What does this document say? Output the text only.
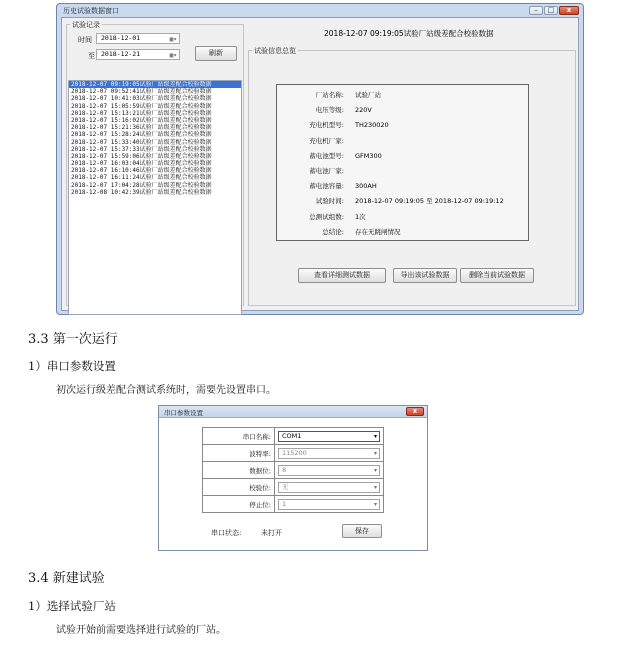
历史试验数据窗口	–	□	x
试验记录
时间	2018-12-01	▦▾
至 2018-12-21	▦▾	刷新
2018-12-07 09:19:05试验厂站级差配合校验数据
2018-12-07 09:52:41试验厂站级差配合校验数据
2018-12-07 10:41:03试验厂站级差配合校验数据
2018-12-07 15:05:59试验厂站级差配合校验数据
2018-12-07 15:13:21试验厂站级差配合校验数据
2018-12-07 15:16:02试验厂站级差配合校验数据
2018-12-07 15:21:36试验厂站级差配合校验数据
2018-12-07 15:28:24试验厂站级差配合校验数据
2018-12-07 15:33:40试验厂站级差配合校验数据
2018-12-07 15:37:33试验厂站级差配合校验数据
2018-12-07 15:59:06试验厂站级差配合校验数据
2018-12-07 16:03:04试验厂站级差配合校验数据
2018-12-07 16:10:46试验厂站级差配合校验数据
2018-12-07 16:11:24试验厂站级差配合校验数据
2018-12-07 17:04:28试验厂站级差配合校验数据
2018-12-08 10:42:39试验厂站级差配合校验数据
2018-12-07 09:19:05试验厂站级差配合校验数据
试验信息总览
厂站名称: 试验厂站
电压等级: 220V
充电机型号: TH230020
充电机厂家:
蓄电池型号: GFM300
蓄电池厂家:
蓄电池容量: 300AH
试验时间: 2018-12-07 09:19:05 至 2018-12-07 09:19:12
总测试组数: 1次
总结论: 存在无跳闸情况
查看详细测试数据	导出该试验数据	删除当前试验数据
3.3 第一次运行
1）串口参数设置
初次运行级差配合测试系统时，需要先设置串口。
串口参数设置	x
串口名称:	COM1 ▾

波特率:	115200 ▾

数据位:	8 ▾

校验位:	无 ▾

停止位:	1 ▾
串口状态:	未打开	保存
3.4 新建试验
1）选择试验厂站
试验开始前需要选择进行试验的厂站。
